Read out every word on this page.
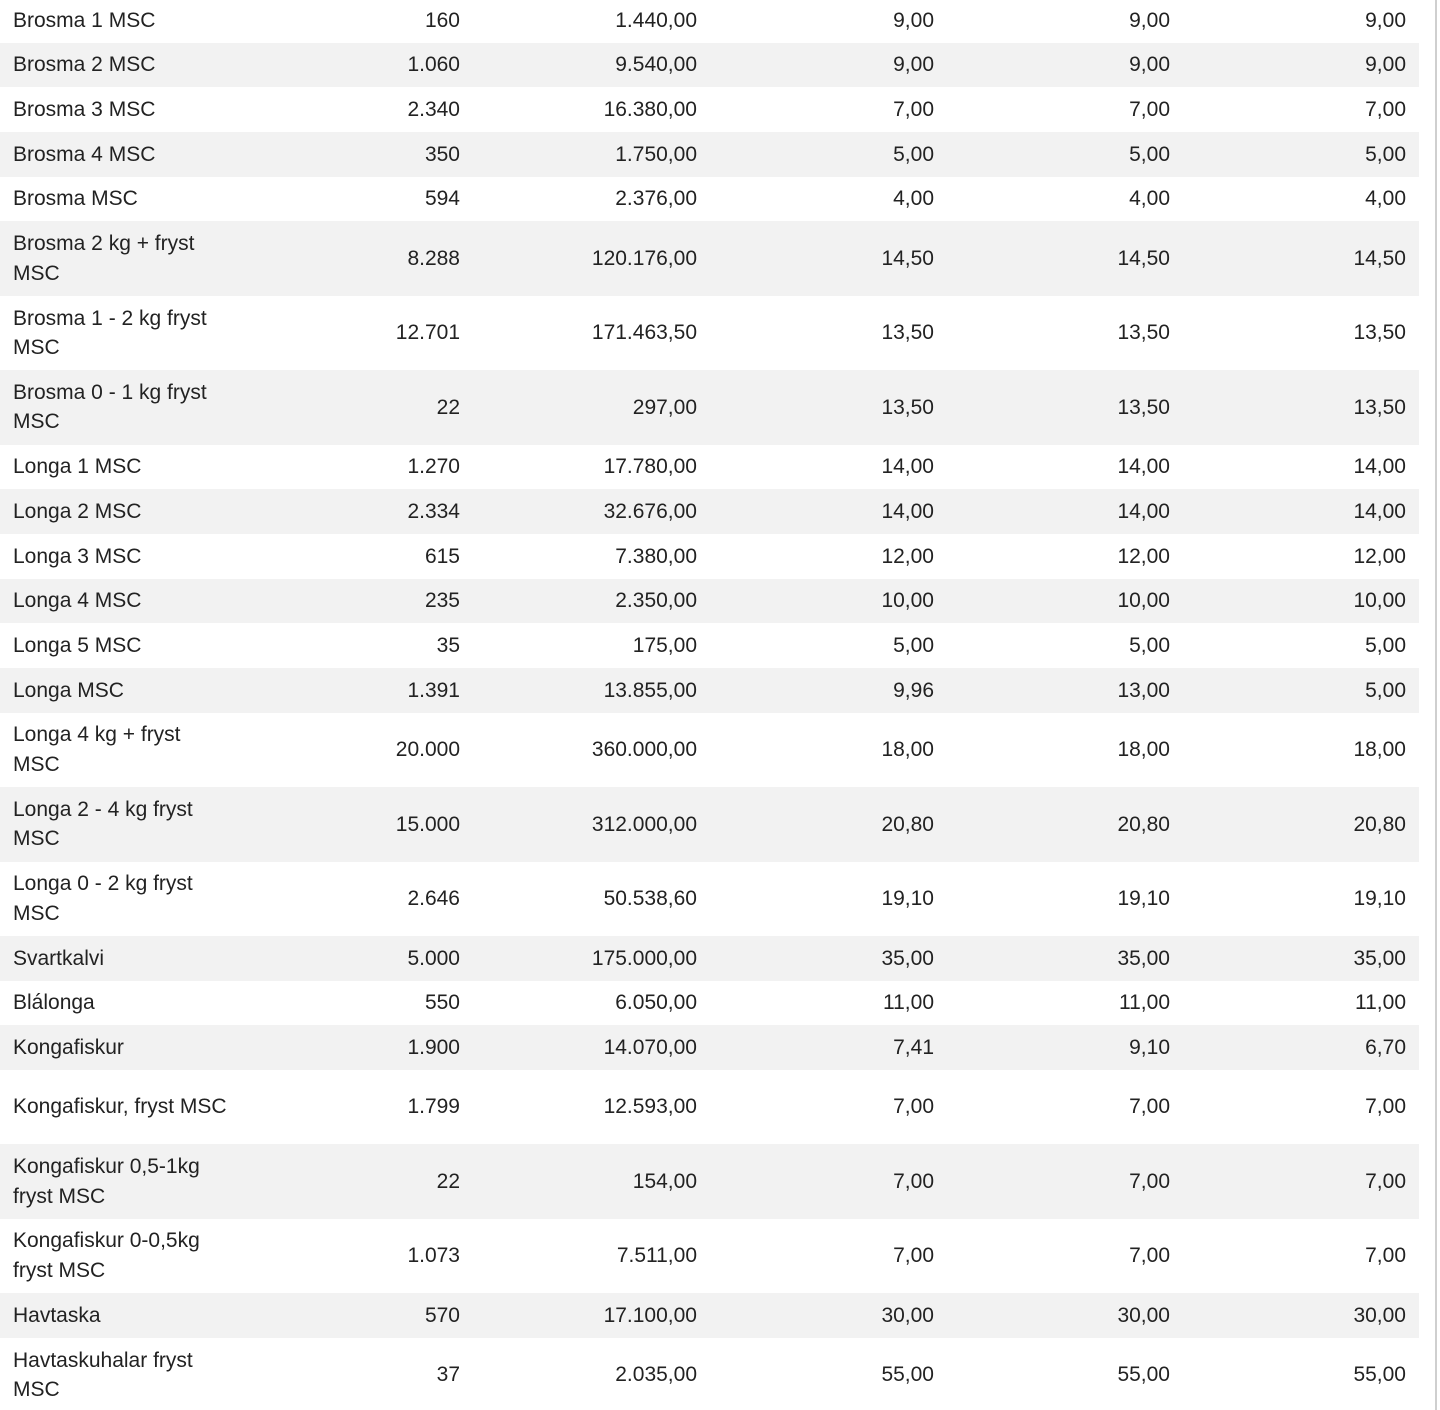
Brosma 1 MSC	160	1.440,00	9,00	9,00	9,00
Brosma 2 MSC	1.060	9.540,00	9,00	9,00	9,00
Brosma 3 MSC	2.340	16.380,00	7,00	7,00	7,00
Brosma 4 MSC	350	1.750,00	5,00	5,00	5,00
Brosma MSC	594	2.376,00	4,00	4,00	4,00
Brosma 2 kg + fryst MSC	8.288	120.176,00	14,50	14,50	14,50
Brosma 1 - 2 kg fryst MSC	12.701	171.463,50	13,50	13,50	13,50
Brosma 0 - 1 kg fryst MSC	22	297,00	13,50	13,50	13,50
Longa 1 MSC	1.270	17.780,00	14,00	14,00	14,00
Longa 2 MSC	2.334	32.676,00	14,00	14,00	14,00
Longa 3 MSC	615	7.380,00	12,00	12,00	12,00
Longa 4 MSC	235	2.350,00	10,00	10,00	10,00
Longa 5 MSC	35	175,00	5,00	5,00	5,00
Longa MSC	1.391	13.855,00	9,96	13,00	5,00
Longa 4 kg + fryst MSC	20.000	360.000,00	18,00	18,00	18,00
Longa 2 - 4 kg fryst MSC	15.000	312.000,00	20,80	20,80	20,80
Longa 0 - 2 kg fryst MSC	2.646	50.538,60	19,10	19,10	19,10
Svartkalvi	5.000	175.000,00	35,00	35,00	35,00
Blálonga	550	6.050,00	11,00	11,00	11,00
Kongafiskur	1.900	14.070,00	7,41	9,10	6,70
Kongafiskur, fryst MSC	1.799	12.593,00	7,00	7,00	7,00
Kongafiskur 0,5-1kg fryst MSC	22	154,00	7,00	7,00	7,00
Kongafiskur 0-0,5kg fryst MSC	1.073	7.511,00	7,00	7,00	7,00
Havtaska	570	17.100,00	30,00	30,00	30,00
Havtaskuhalar fryst MSC	37	2.035,00	55,00	55,00	55,00
